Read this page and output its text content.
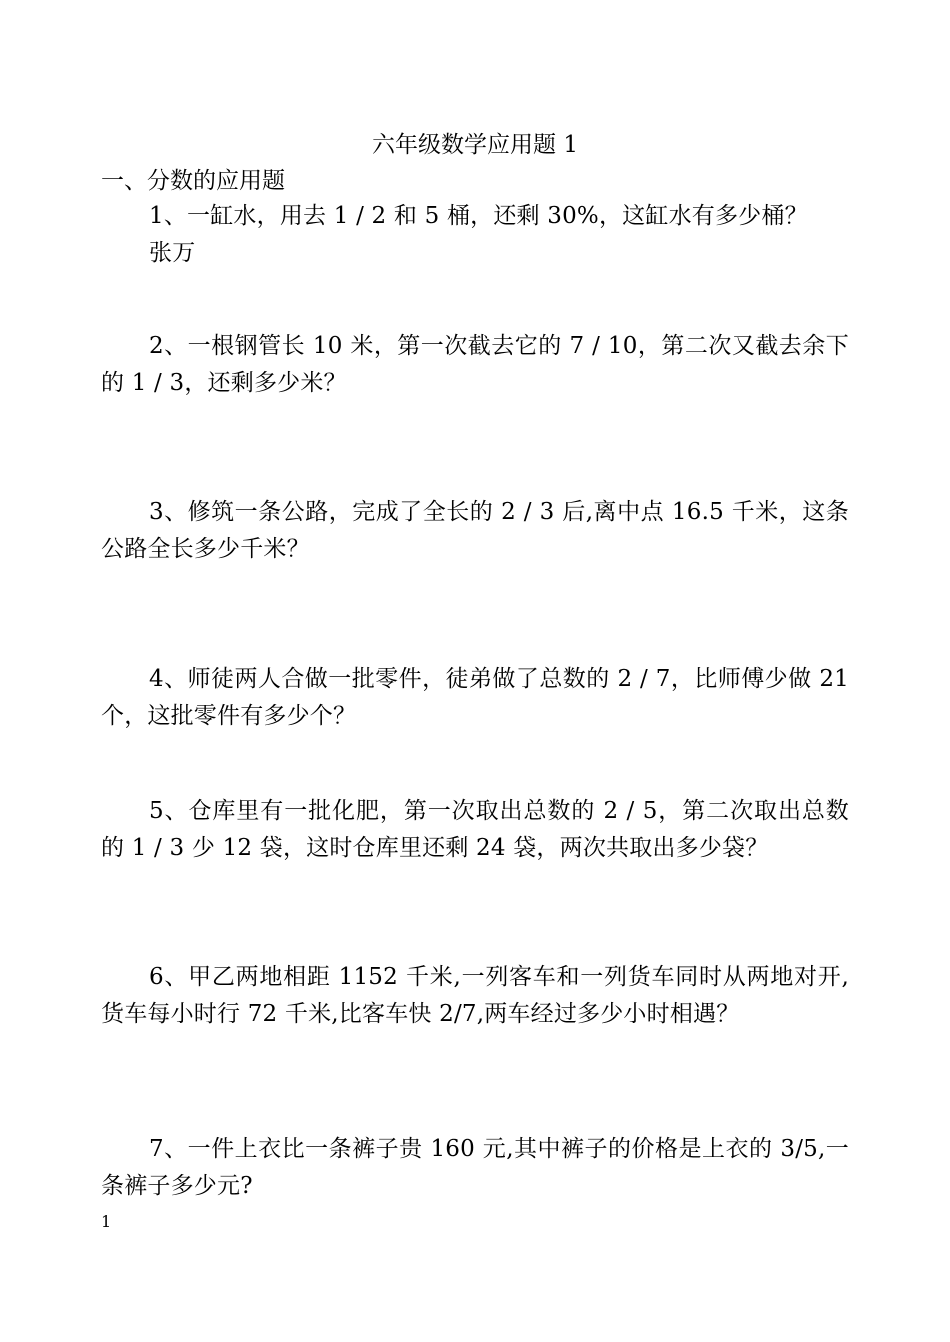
六年级数学应用题 1
一、分数的应用题
1、一缸水，用去 1 / 2 和 5 桶，还剩 30%，这缸水有多少桶？
张万
2、一根钢管长 10 米，第一次截去它的 7 / 10，第二次又截去余下的 1 / 3，还剩多少米？
3、修筑一条公路，完成了全长的 2 / 3 后,离中点 16.5 千米，这条公路全长多少千米？
4、师徒两人合做一批零件，徒弟做了总数的 2 / 7，比师傅少做 21 个，这批零件有多少个？
5、仓库里有一批化肥，第一次取出总数的 2 / 5，第二次取出总数的 1 / 3 少 12 袋，这时仓库里还剩 24 袋，两次共取出多少袋？
6、甲乙两地相距 1152 千米,一列客车和一列货车同时从两地对开,货车每小时行 72 千米,比客车快 2/7,两车经过多少小时相遇？
7、一件上衣比一条裤子贵 160 元,其中裤子的价格是上衣的 3/5,一条裤子多少元?
1
